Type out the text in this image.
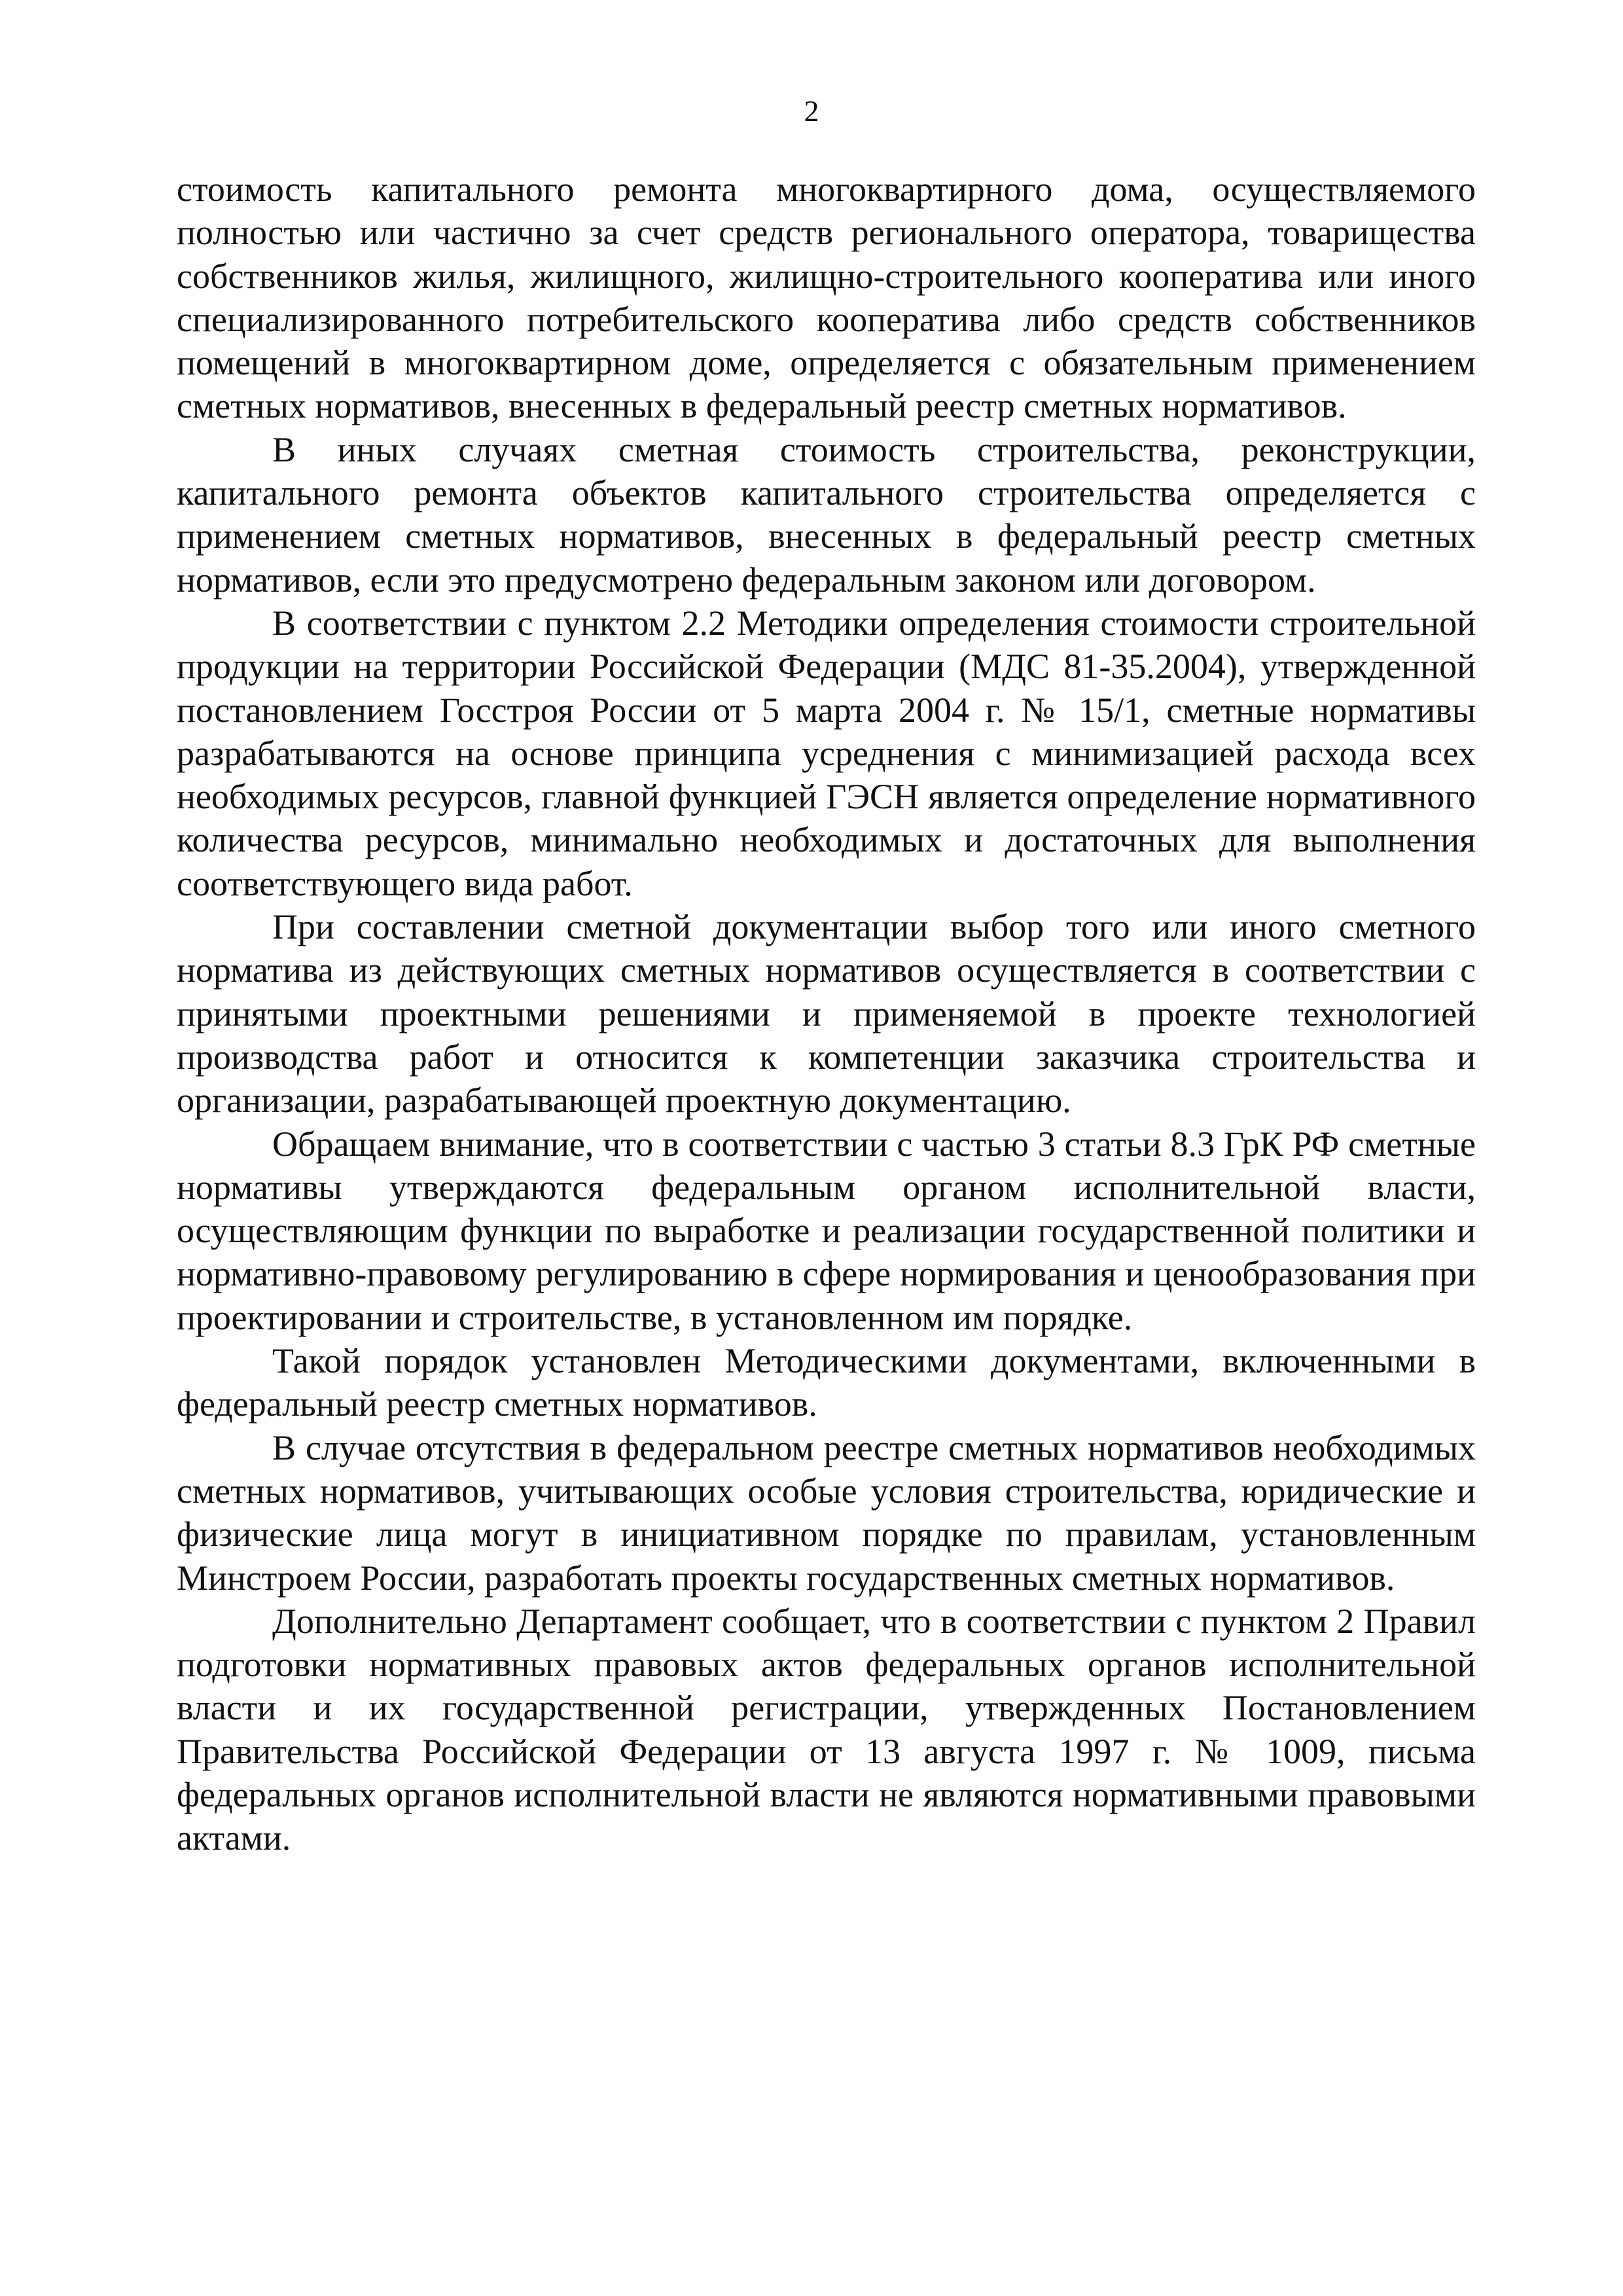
2

стоимость капитального ремонта многоквартирного дома, осуществляемого полностью или частично за счет средств регионального оператора, товарищества собственников жилья, жилищного, жилищно-строительного кооператива или иного специализированного потребительского кооператива либо средств собственников помещений в многоквартирном доме, определяется с обязательным применением сметных нормативов, внесенных в федеральный реестр сметных нормативов.

В иных случаях сметная стоимость строительства, реконструкции, капитального ремонта объектов капитального строительства определяется с применением сметных нормативов, внесенных в федеральный реестр сметных нормативов, если это предусмотрено федеральным законом или договором.

В соответствии с пунктом 2.2 Методики определения стоимости строительной продукции на территории Российской Федерации (МДС 81-35.2004), утвержденной постановлением Госстроя России от 5 марта 2004 г. № 15/1, сметные нормативы разрабатываются на основе принципа усреднения с минимизацией расхода всех необходимых ресурсов, главной функцией ГЭСН является определение нормативного количества ресурсов, минимально необходимых и достаточных для выполнения соответствующего вида работ.

При составлении сметной документации выбор того или иного сметного норматива из действующих сметных нормативов осуществляется в соответствии с принятыми проектными решениями и применяемой в проекте технологией производства работ и относится к компетенции заказчика строительства и организации, разрабатывающей проектную документацию.

Обращаем внимание, что в соответствии с частью 3 статьи 8.3 ГрК РФ сметные нормативы утверждаются федеральным органом исполнительной власти, осуществляющим функции по выработке и реализации государственной политики и нормативно-правовому регулированию в сфере нормирования и ценообразования при проектировании и строительстве, в установленном им порядке.

Такой порядок установлен Методическими документами, включенными в федеральный реестр сметных нормативов.

В случае отсутствия в федеральном реестре сметных нормативов необходимых сметных нормативов, учитывающих особые условия строительства, юридические и физические лица могут в инициативном порядке по правилам, установленным Минстроем России, разработать проекты государственных сметных нормативов.

Дополнительно Департамент сообщает, что в соответствии с пунктом 2 Правил подготовки нормативных правовых актов федеральных органов исполнительной власти и их государственной регистрации, утвержденных Постановлением Правительства Российской Федерации от 13 августа 1997 г. № 1009, письма федеральных органов исполнительной власти не являются нормативными правовыми актами.
